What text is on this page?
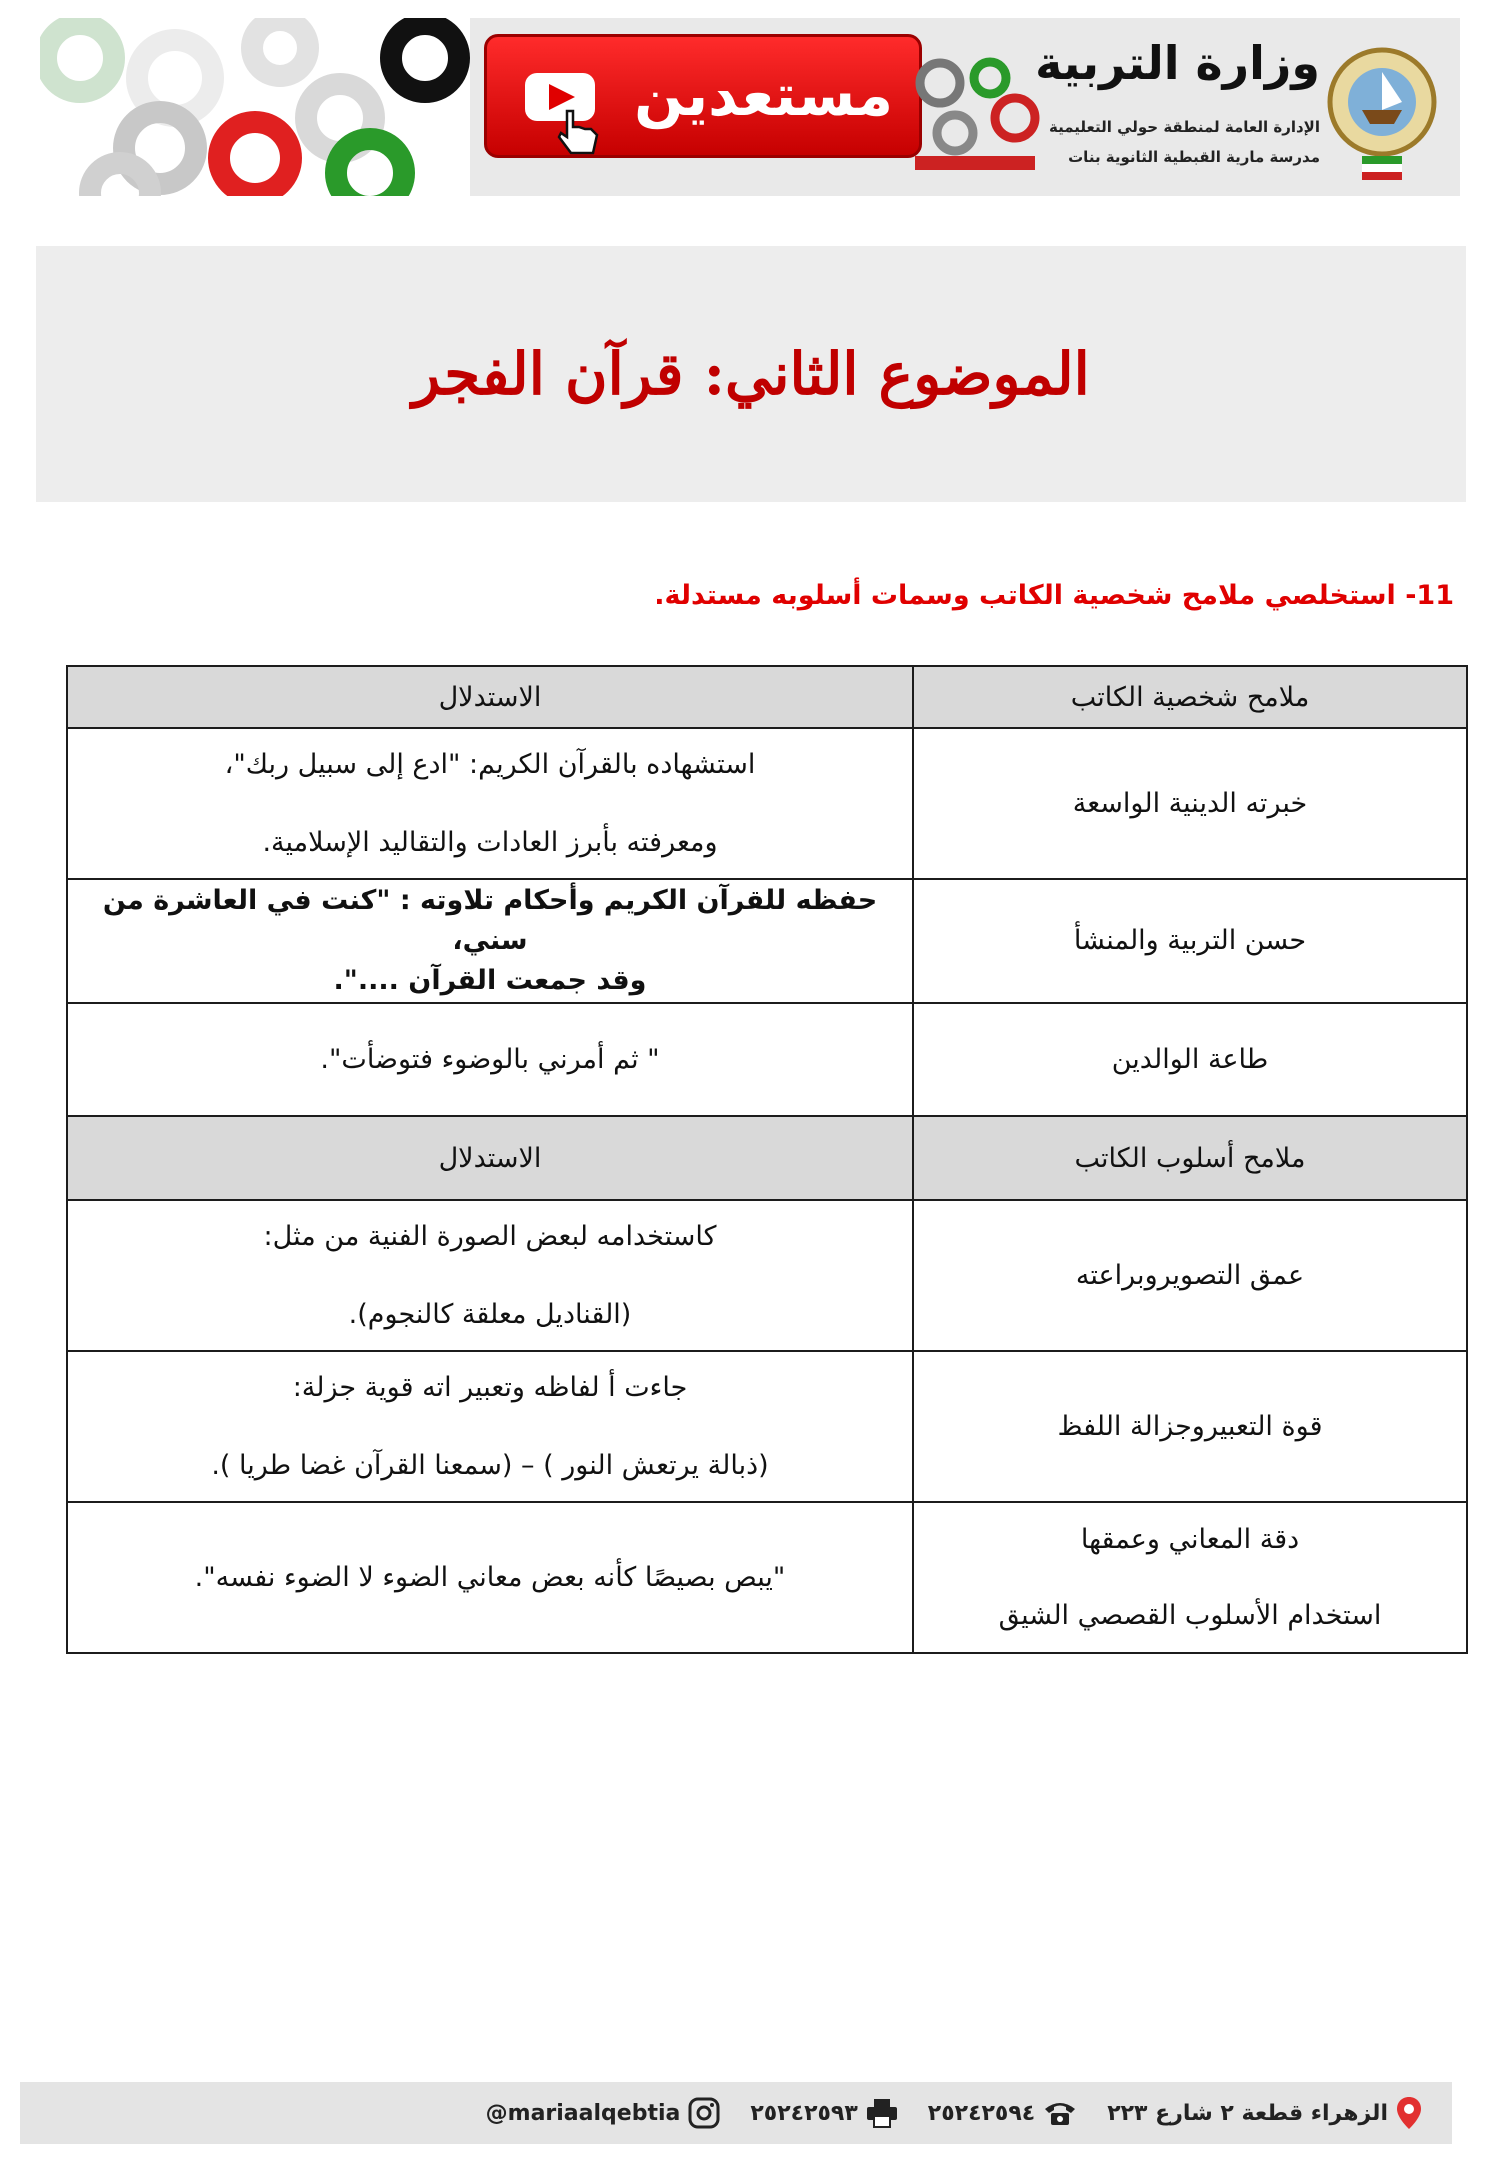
مستعدين	وزارة التربية
الإدارة العامة لمنطقة حولي التعليمية
مدرسة مارية القبطية الثانوية بنات
الموضوع الثاني: قرآن الفجر
11- استخلصي ملامح شخصية الكاتب وسمات أسلوبه مستدلة.
ملامح شخصية الكاتب	الاستدلال

خبرته الدينية الواسعة	استشهاده بالقرآن الكريم: "ادع إلى سبيل ربك"،
ومعرفته بأبرز العادات والتقاليد الإسلامية.

حسن التربية والمنشأ	حفظه للقرآن الكريم وأحكام تلاوته : "كنت في العاشرة من سني،
وقد جمعت القرآن ....".

طاعة الوالدين	" ثم أمرني بالوضوء فتوضأت".

ملامح أسلوب الكاتب	الاستدلال

عمق التصويروبراعته	كاستخدامه لبعض الصورة الفنية من مثل:
(القناديل معلقة كالنجوم).

قوة التعبيروجزالة اللفظ	جاءت أ لفاظه وتعبير اته قوية جزلة:
(ذبالة يرتعش النور ) – (سمعنا القرآن غضا طريا ).

دقة المعاني وعمقها
استخدام الأسلوب القصصي الشيق	"يبص بصيصًا كأنه بعض معاني الضوء لا الضوء نفسه".
الزهراء قطعة ٢ شارع ٢٢٣
٢٥٢٤٢٥٩٤
٢٥٢٤٢٥٩٣
@mariaalqebtia
